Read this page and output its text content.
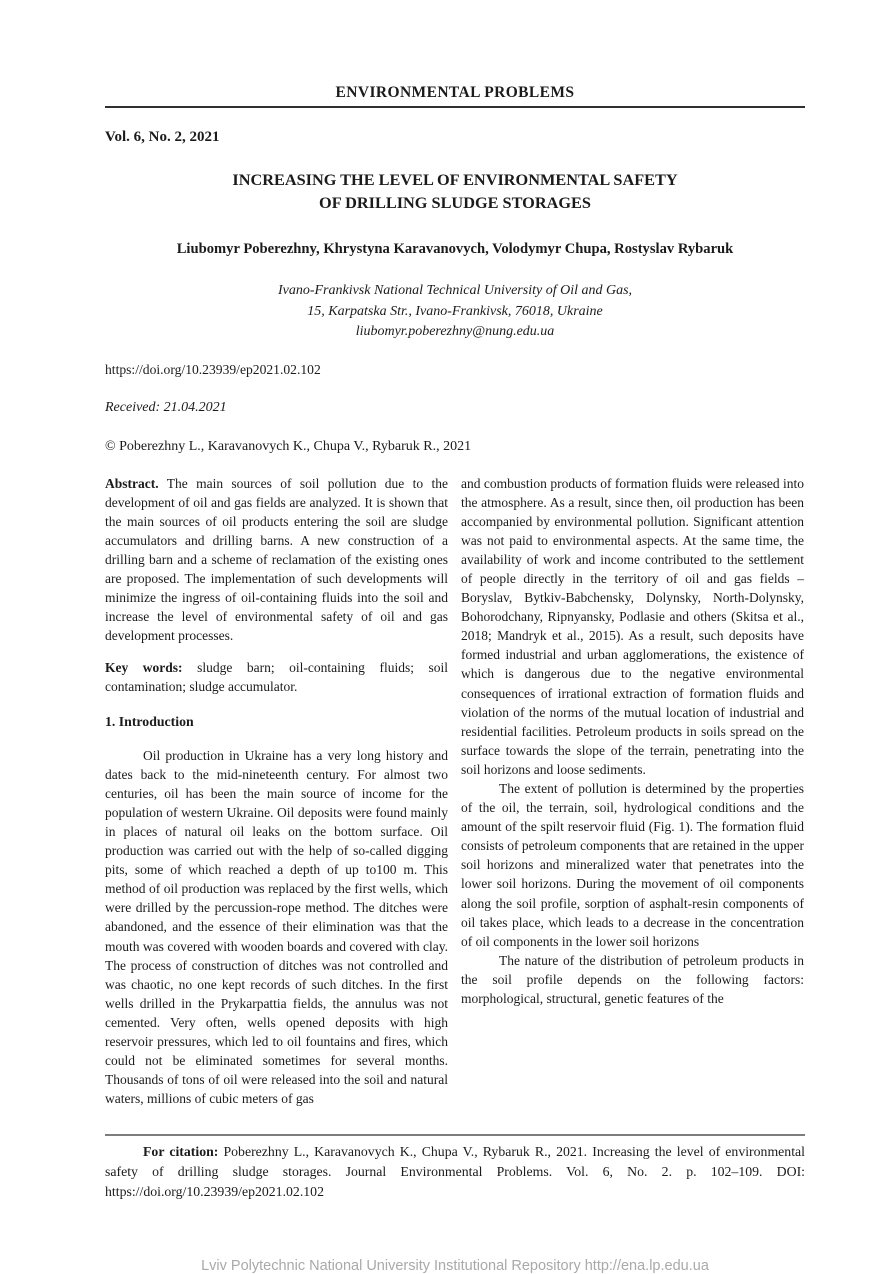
ENVIRONMENTAL PROBLEMS
Vol. 6, No. 2, 2021
INCREASING THE LEVEL OF ENVIRONMENTAL SAFETY
OF DRILLING SLUDGE STORAGES
Liubomyr Poberezhny, Khrystyna Karavanovych, Volodymyr Chupa, Rostyslav Rybaruk
Ivano-Frankivsk National Technical University of Oil and Gas,
15, Karpatska Str., Ivano-Frankivsk, 76018, Ukraine
liubomyr.poberezhny@nung.edu.ua
https://doi.org/10.23939/ep2021.02.102
Received: 21.04.2021
© Poberezhny L., Karavanovych K., Chupa V., Rybaruk R., 2021

Abstract. The main sources of soil pollution due to the development of oil and gas fields are analyzed. It is shown that the main sources of oil products entering the soil are sludge accumulators and drilling barns. A new construction of a drilling barn and a scheme of reclamation of the existing ones are proposed. The implementation of such developments will minimize the ingress of oil-containing fluids into the soil and increase the level of environmental safety of oil and gas development processes.

Key words: sludge barn; oil-containing fluids; soil contamination; sludge accumulator.

1. Introduction

Oil production in Ukraine has a very long history and dates back to the mid-nineteenth century. For almost two centuries, oil has been the main source of income for the population of western Ukraine. Oil deposits were found mainly in places of natural oil leaks on the bottom surface. Oil production was carried out with the help of so-called digging pits, some of which reached a depth of up to100 m. This method of oil production was replaced by the first wells, which were drilled by the percussion-rope method. The ditches were abandoned, and the essence of their elimination was that the mouth was covered with wooden boards and covered with clay. The process of construction of ditches was not controlled and was chaotic, no one kept records of such ditches. In the first wells drilled in the Prykarpattia fields, the annulus was not cemented. Very often, wells opened deposits with high reservoir pressures, which led to oil fountains and fires, which could not be eliminated sometimes for several months. Thousands of tons of oil were released into the soil and natural waters, millions of cubic meters of gas

and combustion products of formation fluids were released into the atmosphere. As a result, since then, oil production has been accompanied by environmental pollution. Significant attention was not paid to environmental aspects. At the same time, the availability of work and income contributed to the settlement of people directly in the territory of oil and gas fields – Boryslav, Bytkiv-Babchensky, Dolynsky, North-Dolynsky, Bohorodchany, Ripnyansky, Podlasie and others (Skitsa et al., 2018; Mandryk et al., 2015). As a result, such deposits have formed industrial and urban agglomerations, the existence of which is dangerous due to the negative environmental consequences of irrational extraction of formation fluids and violation of the norms of the mutual location of industrial and residential facilities. Petroleum products in soils spread on the surface towards the slope of the terrain, penetrating into the soil horizons and loose sediments.

The extent of pollution is determined by the properties of the oil, the terrain, soil, hydrological conditions and the amount of the spilt reservoir fluid (Fig. 1). The formation fluid consists of petroleum components that are retained in the upper soil horizons and mineralized water that penetrates into the lower soil horizons. During the movement of oil components along the soil profile, sorption of asphalt-resin components of oil takes place, which leads to a decrease in the concentration of oil components in the lower soil horizons

The nature of the distribution of petroleum products in the soil profile depends on the following factors: morphological, structural, genetic features of the

For citation: Poberezhny L., Karavanovych K., Chupa V., Rybaruk R., 2021. Increasing the level of environmental safety of drilling sludge storages. Journal Environmental Problems. Vol. 6, No. 2. p. 102–109. DOI: https://doi.org/10.23939/ep2021.02.102

Lviv Polytechnic National University Institutional Repository http://ena.lp.edu.ua
